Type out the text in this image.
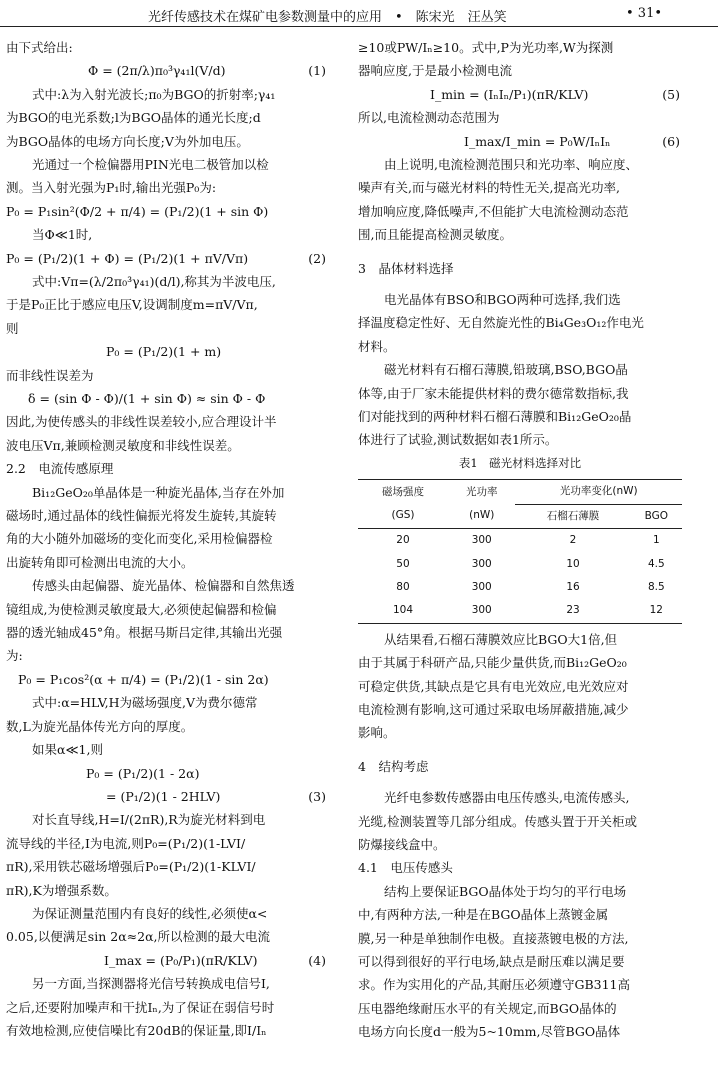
光纤传感技术在煤矿电参数测量中的应用　•　陈宋光　汪丛笑	• 31•

由下式给出:

Φ = (2π/λ)π₀³γ₄₁l(V/d)	(1)

式中:λ为入射光波长;π₀为BGO的折射率;γ₄₁

为BGO的电光系数;l为BGO晶体的通光长度;d

为BGO晶体的电场方向长度;V为外加电压。

光通过一个检偏器用PIN光电二极管加以检

测。当入射光强为P₁时,输出光强P₀为:

P₀ = P₁sin²(Φ/2 + π/4) = (P₁/2)(1 + sin Φ)

当Φ≪1时,

P₀ = (P₁/2)(1 + Φ) = (P₁/2)(1 + πV/Vπ)	(2)

式中:Vπ=(λ/2π₀³γ₄₁)(d/l),称其为半波电压,

于是P₀正比于感应电压V,设调制度m=πV/Vπ,

则

P₀ = (P₁/2)(1 + m)

而非线性误差为

δ = (sin Φ - Φ)/(1 + sin Φ) ≈ sin Φ - Φ

因此,为使传感头的非线性误差较小,应合理设计半

波电压Vπ,兼顾检测灵敏度和非线性误差。

2.2　电流传感原理

Bi₁₂GeO₂₀单晶体是一种旋光晶体,当存在外加

磁场时,通过晶体的线性偏振光将发生旋转,其旋转

角的大小随外加磁场的变化而变化,采用检偏器检

出旋转角即可检测出电流的大小。

传感头由起偏器、旋光晶体、检偏器和自然焦透

镜组成,为使检测灵敏度最大,必须使起偏器和检偏

器的透光轴成45°角。根据马斯吕定律,其输出光强

为:

P₀ = P₁cos²(α + π/4) = (P₁/2)(1 - sin 2α)

式中:α=HLV,H为磁场强度,V为费尔德常

数,L为旋光晶体传光方向的厚度。

如果α≪1,则

P₀ = (P₁/2)(1 - 2α)
= (P₁/2)(1 - 2HLV)	(3)

对长直导线,H=I/(2πR),R为旋光材料到电

流导线的半径,I为电流,则P₀=(P₁/2)(1-LVI/

πR),采用铁芯磁场增强后P₀=(P₁/2)(1-KLVI/

πR),K为增强系数。

为保证测量范围内有良好的线性,必须使α<

0.05,以便满足sin 2α≈2α,所以检测的最大电流

I_max = (P₀/P₁)(πR/KLV)	(4)

另一方面,当探测器将光信号转换成电信号I,

之后,还要附加噪声和干扰Iₙ,为了保证在弱信号时

有效地检测,应使信噪比有20dB的保证量,即I/Iₙ

≥10或PW/Iₙ≥10。式中,P为光功率,W为探测

器响应度,于是最小检测电流

I_min = (IₙIₙ/P₁)(πR/KLV)	(5)

所以,电流检测动态范围为

I_max/I_min = P₀W/IₙIₙ	(6)

由上说明,电流检测范围只和光功率、响应度、

噪声有关,而与磁光材料的特性无关,提高光功率,

增加响应度,降低噪声,不但能扩大电流检测动态范

围,而且能提高检测灵敏度。

3　晶体材料选择

电光晶体有BSO和BGO两种可选择,我们选

择温度稳定性好、无自然旋光性的Bi₄Ge₃O₁₂作电光

材料。

磁光材料有石榴石薄膜,铅玻璃,BSO,BGO晶

体等,由于厂家未能提供材料的费尔德常数指标,我

们对能找到的两种材料石榴石薄膜和Bi₁₂GeO₂₀晶

体进行了试验,测试数据如表1所示。

表1　磁光材料选择对比

磁场强度	光功率	光功率变化(nW)	
(GS)	(nW)	石榴石薄膜	BGO
20	300	2	1
50	300	10	4.5
80	300	16	8.5
104	300	23	12

从结果看,石榴石薄膜效应比BGO大1倍,但

由于其属于科研产品,只能少量供货,而Bi₁₂GeO₂₀

可稳定供货,其缺点是它具有电光效应,电光效应对

电流检测有影响,这可通过采取电场屏蔽措施,减少

影响。

4　结构考虑

光纤电参数传感器由电压传感头,电流传感头,

光缆,检测装置等几部分组成。传感头置于开关柜或

防爆接线盒中。

4.1　电压传感头

结构上要保证BGO晶体处于均匀的平行电场

中,有两种方法,一种是在BGO晶体上蒸镀金属

膜,另一种是单独制作电极。直接蒸镀电极的方法,

可以得到很好的平行电场,缺点是耐压难以满足要

求。作为实用化的产品,其耐压必须遵守GB311高

压电器绝缘耐压水平的有关规定,而BGO晶体的

电场方向长度d一般为5~10mm,尽管BGO晶体
